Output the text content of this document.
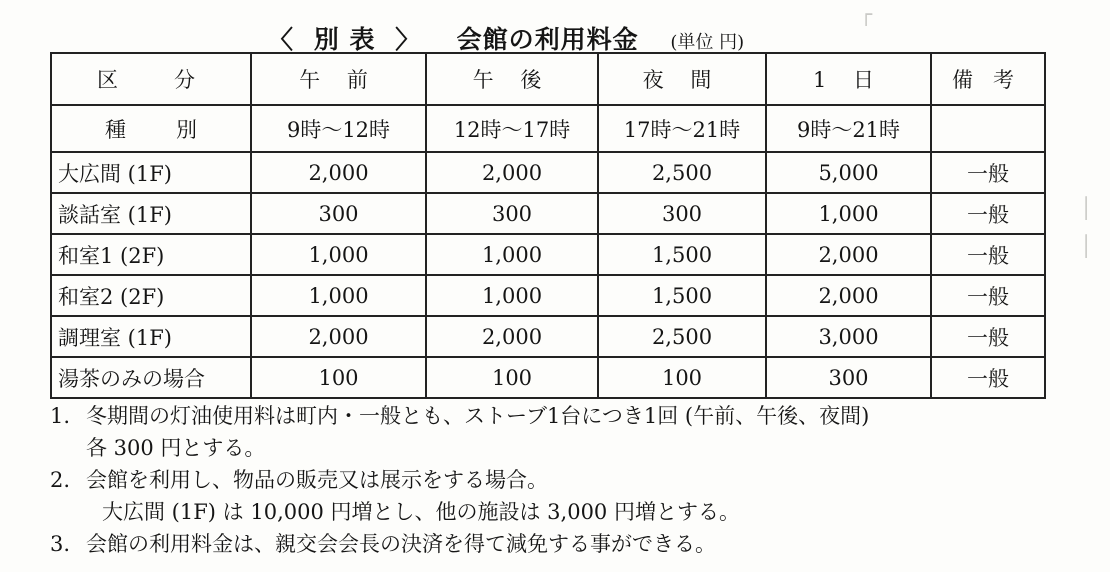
┌
│
│
〈 別 表 〉 会館の利用料金 (単位 円)
区 分	午 前	午 後	夜 間	1 日	備 考
種 別	9時〜12時	12時〜17時	17時〜21時	9時〜21時	
大広間 (1F)	2,000	2,000	2,500	5,000	一般
談話室 (1F)	300	300	300	1,000	一般
和室1 (2F)	1,000	1,000	1,500	2,000	一般
和室2 (2F)	1,000	1,000	1,500	2,000	一般
調理室 (1F)	2,000	2,000	2,500	3,000	一般
湯茶のみの場合	100	100	100	300	一般
1. 冬期間の灯油使用料は町内・一般とも、ストーブ1台につき1回 (午前、午後、夜間)
各 300 円とする。
2. 会館を利用し、物品の販売又は展示をする場合。
大広間 (1F) は 10,000 円増とし、他の施設は 3,000 円増とする。
3. 会館の利用料金は、親交会会長の決済を得て減免する事ができる。
